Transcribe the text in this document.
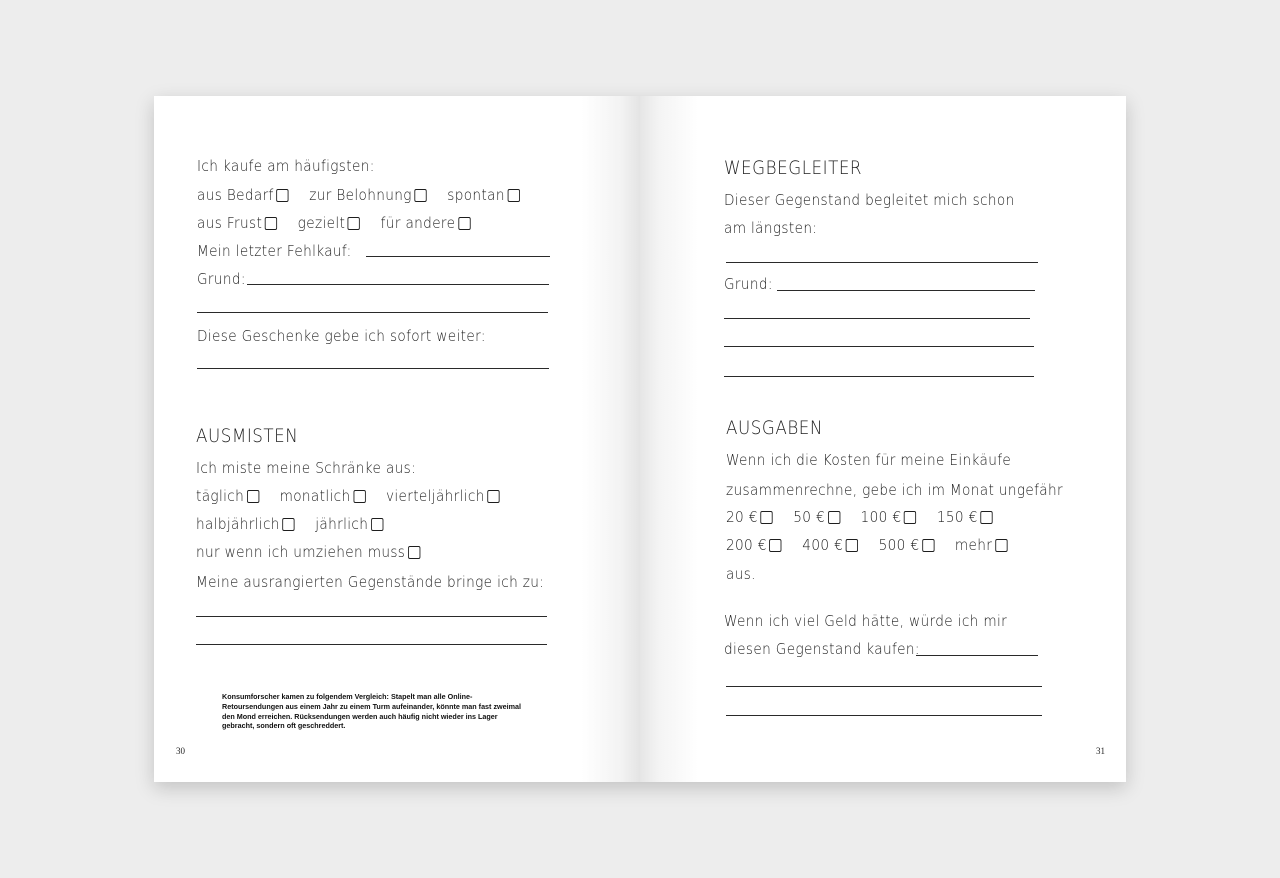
Ich kaufe am häufigsten:
aus Bedarf zur Belohnung spontan
aus Frust gezielt für andere
Mein letzter Fehlkauf:
Grund:
Diese Geschenke gebe ich sofort weiter:
AUSMISTEN
Ich miste meine Schränke aus:
täglich monatlich vierteljährlich
halbjährlich jährlich
nur wenn ich umziehen muss
Meine ausrangierten Gegenstände bringe ich zu:
Konsumforscher kamen zu folgendem Vergleich: Stapelt man alle Online-Retoursendungen aus einem Jahr zu einem Turm aufeinander, könnte man fast zweimal den Mond erreichen. Rücksendungen werden auch häufig nicht wieder ins Lager gebracht, sondern oft geschreddert.
30
WEGBEGLEITER
Dieser Gegenstand begleitet mich schon
am längsten:
Grund:
AUSGABEN
Wenn ich die Kosten für meine Einkäufe
zusammenrechne, gebe ich im Monat ungefähr
20 € 50 € 100 € 150 €
200 € 400 € 500 € mehr
aus.
Wenn ich viel Geld hätte, würde ich mir
diesen Gegenstand kaufen:
31
